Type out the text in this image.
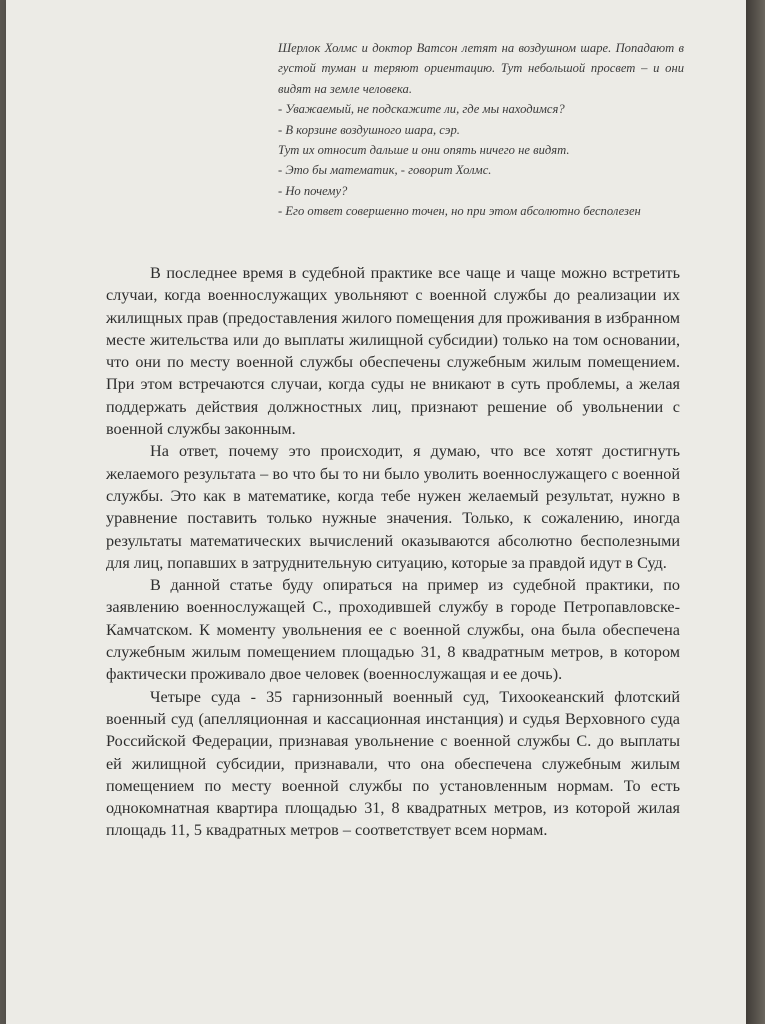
Шерлок Холмс и доктор Ватсон летят на воздушном шаре. Попадают в густой туман и теряют ориентацию. Тут небольшой просвет – и они видят на земле человека.

- Уважаемый, не подскажите ли, где мы находимся?

- В корзине воздушного шара, сэр.

Тут их относит дальше и они опять ничего не видят.

- Это бы математик, - говорит Холмс.

- Но почему?

- Его ответ совершенно точен, но при этом абсолютно бесполезен

В последнее время в судебной практике все чаще и чаще можно встретить случаи, когда военнослужащих увольняют с военной службы до реализации их жилищных прав (предоставления жилого помещения для проживания в избранном месте жительства или до выплаты жилищной субсидии) только на том основании, что они по месту военной службы обеспечены служебным жилым помещением. При этом встречаются случаи, когда суды не вникают в суть проблемы, а желая поддержать действия должностных лиц, признают решение об увольнении с военной службы законным.

На ответ, почему это происходит, я думаю, что все хотят достигнуть желаемого результата – во что бы то ни было уволить военнослужащего с военной службы. Это как в математике, когда тебе нужен желаемый результат, нужно в уравнение поставить только нужные значения. Только, к сожалению, иногда результаты математических вычислений оказываются абсолютно бесполезными для лиц, попавших в затруднительную ситуацию, которые за правдой идут в Суд.

В данной статье буду опираться на пример из судебной практики, по заявлению военнослужащей С., проходившей службу в городе Петропавловске-Камчатском. К моменту увольнения ее с военной службы, она была обеспечена служебным жилым помещением площадью 31, 8 квадратным метров, в котором фактически проживало двое человек (военнослужащая и ее дочь).

Четыре суда - 35 гарнизонный военный суд, Тихоокеанский флотский военный суд (апелляционная и кассационная инстанция) и судья Верховного суда Российской Федерации, признавая увольнение с военной службы С. до выплаты ей жилищной субсидии, признавали, что она обеспечена служебным жилым помещением по месту военной службы по установленным нормам. То есть однокомнатная квартира площадью 31, 8 квадратных метров, из которой жилая площадь 11, 5 квадратных метров – соответствует всем нормам.
